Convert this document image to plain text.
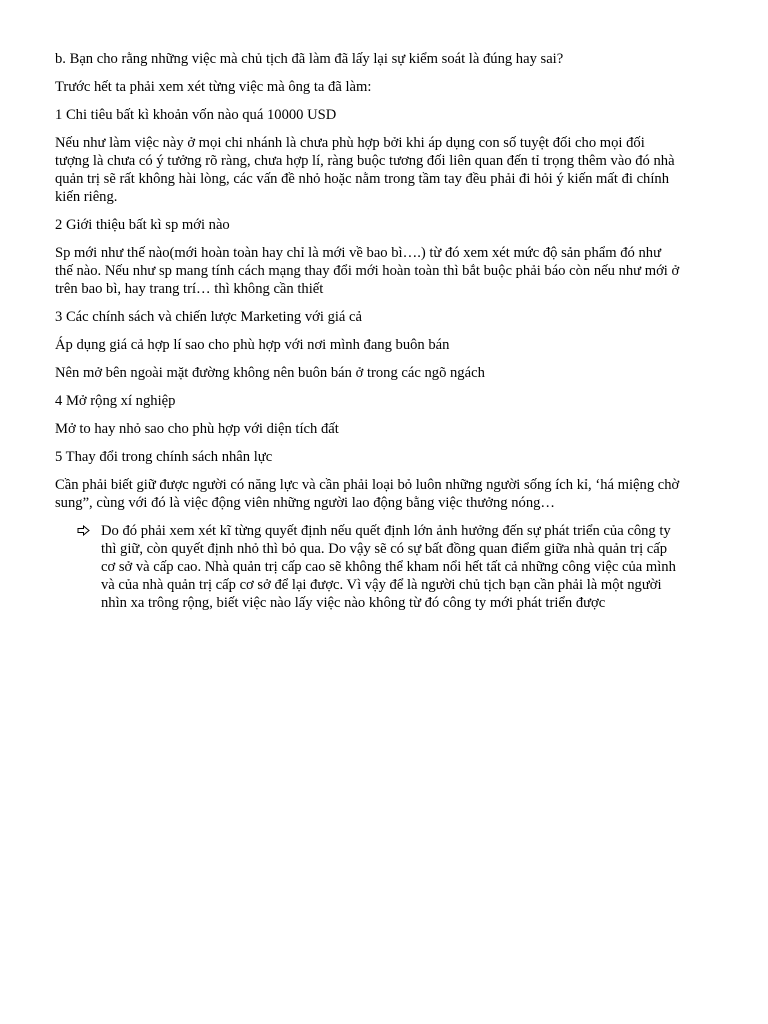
b. Bạn cho rằng những việc mà chủ tịch đã làm đã lấy lại sự kiểm soát là đúng hay sai?

Trước hết ta phải xem xét từng việc mà ông ta đã làm:

1 Chi tiêu bất kì khoản vốn nào quá 10000 USD

Nếu như làm việc này ở mọi chi nhánh là chưa phù hợp bởi khi áp dụng con số tuyệt đối cho mọi đối tượng là chưa có ý tưởng rõ ràng, chưa hợp lí, ràng buộc tương đối liên quan đến tỉ trọng thêm vào đó nhà quản trị sẽ rất không hài lòng, các vấn đề nhỏ hoặc nằm trong tầm tay đều phải đi hỏi ý kiến mất đi chính kiến riêng.

2 Giới thiệu bất kì sp mới nào

Sp mới như thế nào(mới hoàn toàn hay chỉ là mới về bao bì….) từ đó xem xét mức độ sản phẩm đó như thế nào. Nếu như sp mang tính cách mạng thay đổi mới hoàn toàn thì bắt buộc phải báo còn nếu như mới ở trên bao bì, hay trang trí… thì không cần thiết

3 Các chính sách và chiến lược Marketing với giá cả

Áp dụng giá cả hợp lí sao cho phù hợp với nơi mình đang buôn bán

Nên mở bên ngoài mặt đường không nên buôn bán ở trong các ngõ ngách

4 Mở rộng xí nghiệp

Mở to hay nhỏ sao cho phù hợp với diện tích đất

5 Thay đổi trong chính sách nhân lực

Cần phải biết giữ được người có năng lực và cần phải loại bỏ luôn những người sống ích kỉ, ‘há miệng chờ sung”, cùng với đó là việc động viên những người lao động bằng việc thưởng nóng…

Do đó phải xem xét kĩ từng quyết định nếu quết định lớn ảnh hưởng đến sự phát triển của công ty thì giữ, còn quyết định nhỏ thì bỏ qua. Do vậy sẽ có sự bất đồng quan điểm giữa nhà quản trị cấp cơ sở và cấp cao. Nhà quản trị cấp cao sẽ không thể kham nổi hết tất cả những công việc của mình và của nhà quản trị cấp cơ sở để lại được. Vì vậy để là người chủ tịch bạn cần phải là một người nhìn xa trông rộng, biết việc nào lấy việc nào không từ đó công ty mới phát triển được
